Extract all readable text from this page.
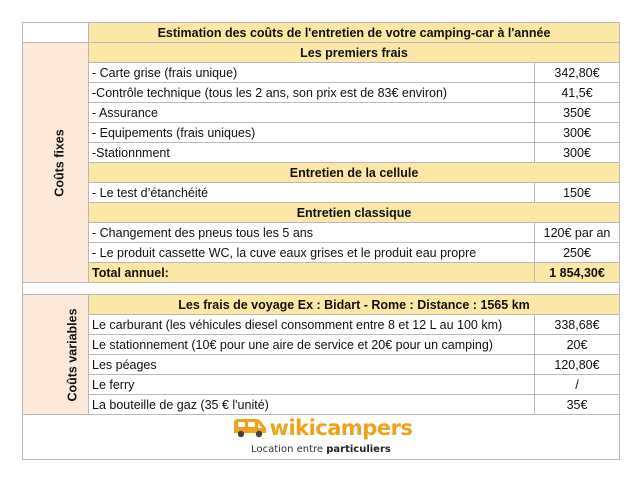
	Estimation des coûts de l'entretien de votre camping-car à l'année	
Coûts fixes	Les premiers frais	
	- Carte grise (frais unique)	342,80€
	-Contrôle technique (tous les 2 ans, son prix est de 83€ environ)	41,5€
	- Assurance	350€
	- Equipements (frais uniques)	300€
	-Stationnment	300€
	Entretien de la cellule	
	- Le test d’étanchéité	150€
	Entretien classique	
	- Changement des pneus tous les 5 ans	120€ par an
	- Le produit cassette WC, la cuve eaux grises et le produit eau propre	250€
	Total annuel:	1 854,30€

Coûts variables	Les frais de voyage Ex : Bidart - Rome : Distance : 1565 km	
	Le carburant (les véhicules diesel consomment entre 8 et 12 L au 100 km)	338,68€
	Le stationnement (10€ pour une aire de service et 20€ pour un camping)	20€
	Les péages	120,80€
	Le ferry	/
	La bouteille de gaz (35 € l'unité)	35€

wikicampers
Location entre particuliers		
